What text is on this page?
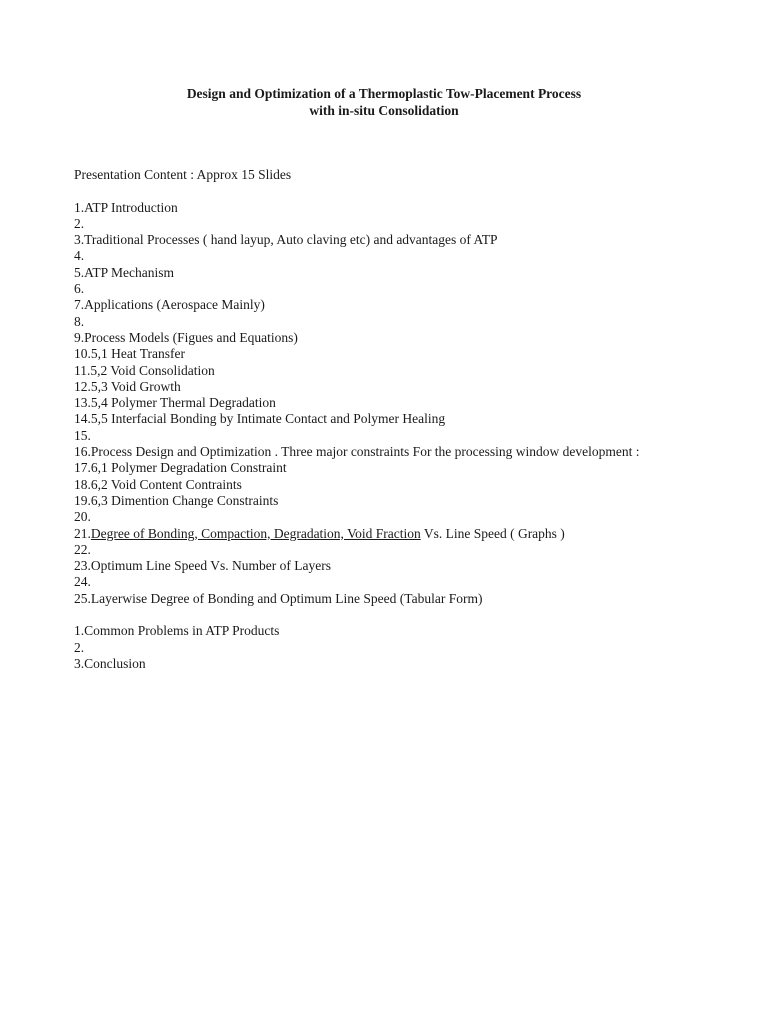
Design and Optimization of a Thermoplastic Tow-Placement Process
with in-situ Consolidation
Presentation Content : Approx 15 Slides
1.ATP Introduction
2.
3.Traditional Processes ( hand layup, Auto claving etc) and advantages of ATP
4.
5.ATP Mechanism
6.
7.Applications (Aerospace Mainly)
8.
9.Process Models (Figues and Equations)
10.5,1 Heat Transfer
11.5,2 Void Consolidation
12.5,3 Void Growth
13.5,4 Polymer Thermal Degradation
14.5,5 Interfacial Bonding by Intimate Contact and Polymer Healing
15.
16.Process Design and Optimization . Three major constraints For the processing window development :
17.6,1 Polymer Degradation Constraint
18.6,2 Void Content Contraints
19.6,3 Dimention Change Constraints
20.
21.Degree of Bonding, Compaction, Degradation, Void Fraction Vs. Line Speed ( Graphs )
22.
23.Optimum Line Speed Vs. Number of Layers
24.
25.Layerwise Degree of Bonding and Optimum Line Speed (Tabular Form)
1.Common Problems in ATP Products
2.
3.Conclusion
